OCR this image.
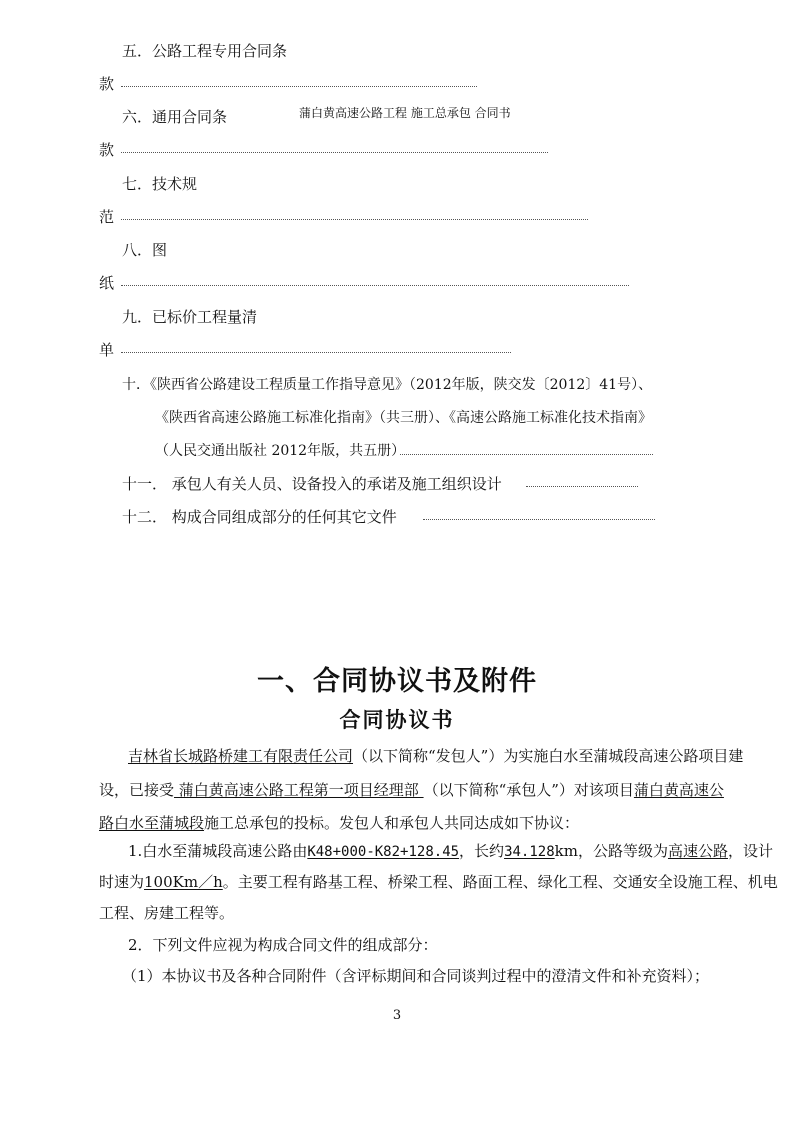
蒲白黄高速公路工程 施工总承包 合同书
五．公路工程专用合同条
款
六．通用合同条
款
七．技术规
范
八．图
纸
九．已标价工程量清
单
十．《陕西省公路建设工程质量工作指导意见》（2012年版，陕交发〔2012〕41号）、
《陕西省高速公路施工标准化指南》（共三册）、《高速公路施工标准化技术指南》
（人民交通出版社 2012年版，共五册）
十一． 承包人有关人员、设备投入的承诺及施工组织设计
十二． 构成合同组成部分的任何其它文件
一、合同协议书及附件
合同协议书
吉林省长城路桥建工有限责任公司（以下简称“发包人”）为实施白水至蒲城段高速公路项目建
设，已接受 蒲白黄高速公路工程第一项目经理部 （以下简称“承包人”）对该项目蒲白黄高速公
路白水至蒲城段施工总承包的投标。发包人和承包人共同达成如下协议：
1.白水至蒲城段高速公路由K48+000-K82+128.45，长约34.128km，公路等级为高速公路，设计
时速为100Km／h。主要工程有路基工程、桥梁工程、路面工程、绿化工程、交通安全设施工程、机电
工程、房建工程等。
2．下列文件应视为构成合同文件的组成部分：
（1）本协议书及各种合同附件（含评标期间和合同谈判过程中的澄清文件和补充资料）；
3
